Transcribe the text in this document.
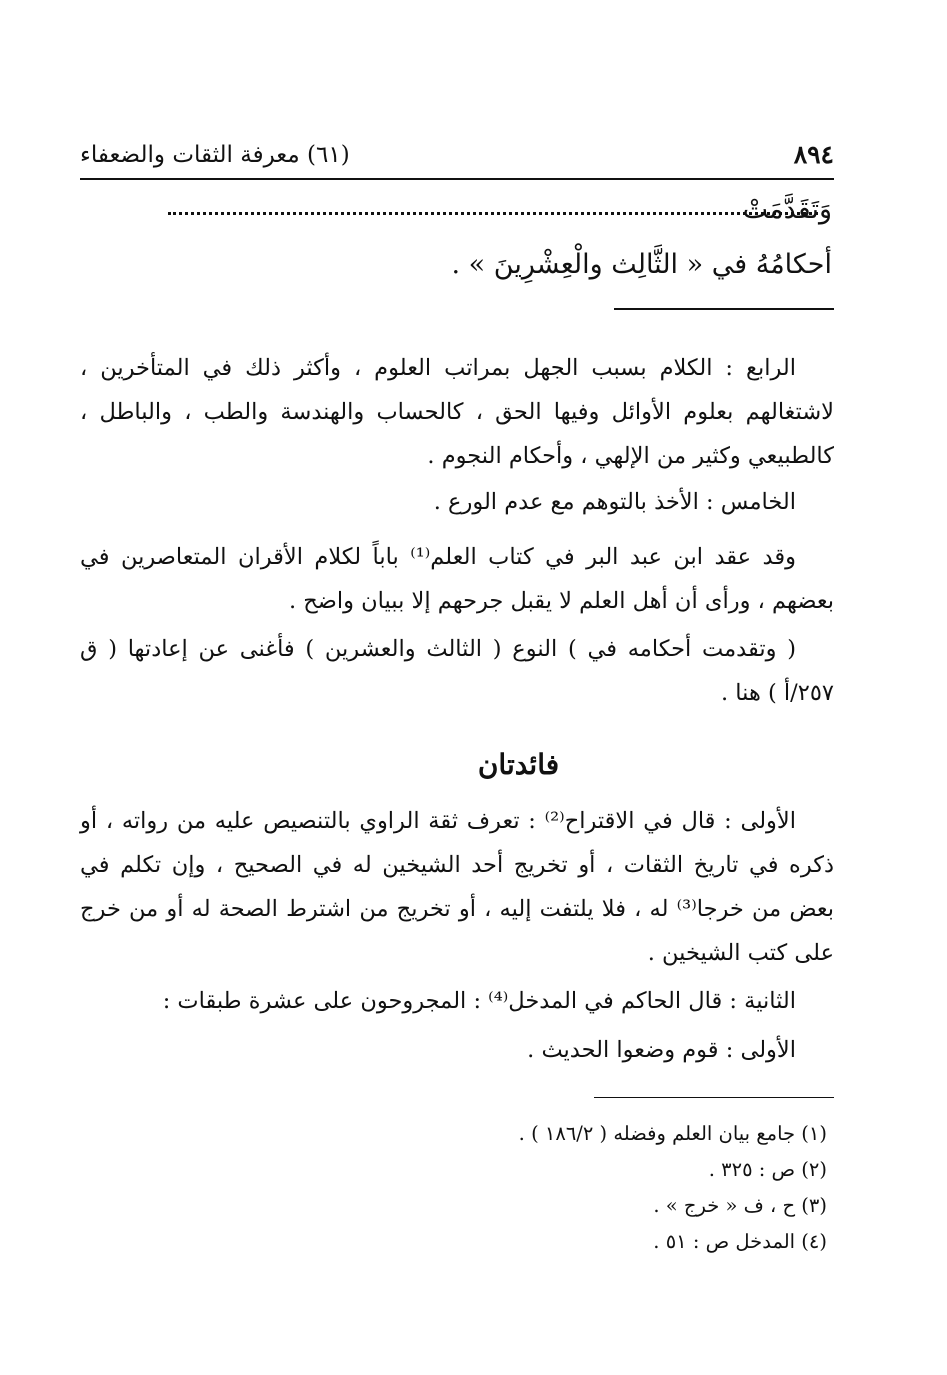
(٦١) معرفة الثقات والضعفاء	٨٩٤
وَتَقَدَّمَتْ
أحكامُهُ في « الثَّالِث والْعِشْرِينَ » .
الرابع : الكلام بسبب الجهل بمراتب العلوم ، وأكثر ذلك في المتأخرين ، لاشتغالهم بعلوم الأوائل وفيها الحق ، كالحساب والهندسة والطب ، والباطل ، كالطبيعي وكثير من الإلهي ، وأحكام النجوم .
الخامس : الأخذ بالتوهم مع عدم الورع .
وقد عقد ابن عبد البر في كتاب العلم⁽¹⁾ باباً لكلام الأقران المتعاصرين في بعضهم ، ورأى أن أهل العلم لا يقبل جرحهم إلا ببيان واضح .
( وتقدمت أحكامه في ) النوع ( الثالث والعشرين ) فأغنى عن إعادتها ( ق ٢٥٧/أ ) هنا .
فائدتان
الأولى : قال في الاقتراح⁽²⁾ : تعرف ثقة الراوي بالتنصيص عليه من رواته ، أو ذكره في تاريخ الثقات ، أو تخريج أحد الشيخين له في الصحيح ، وإن تكلم في بعض من خرجا⁽³⁾ له ، فلا يلتفت إليه ، أو تخريج من اشترط الصحة له أو من خرج على كتب الشيخين .
الثانية : قال الحاكم في المدخل⁽⁴⁾ : المجروحون على عشرة طبقات :
الأولى : قوم وضعوا الحديث .
(١) جامع بيان العلم وفضله ( ١٨٦/٢ ) .
(٢) ص : ٣٢٥ .
(٣) ح ، ف « خرج » .
(٤) المدخل ص : ٥١ .
